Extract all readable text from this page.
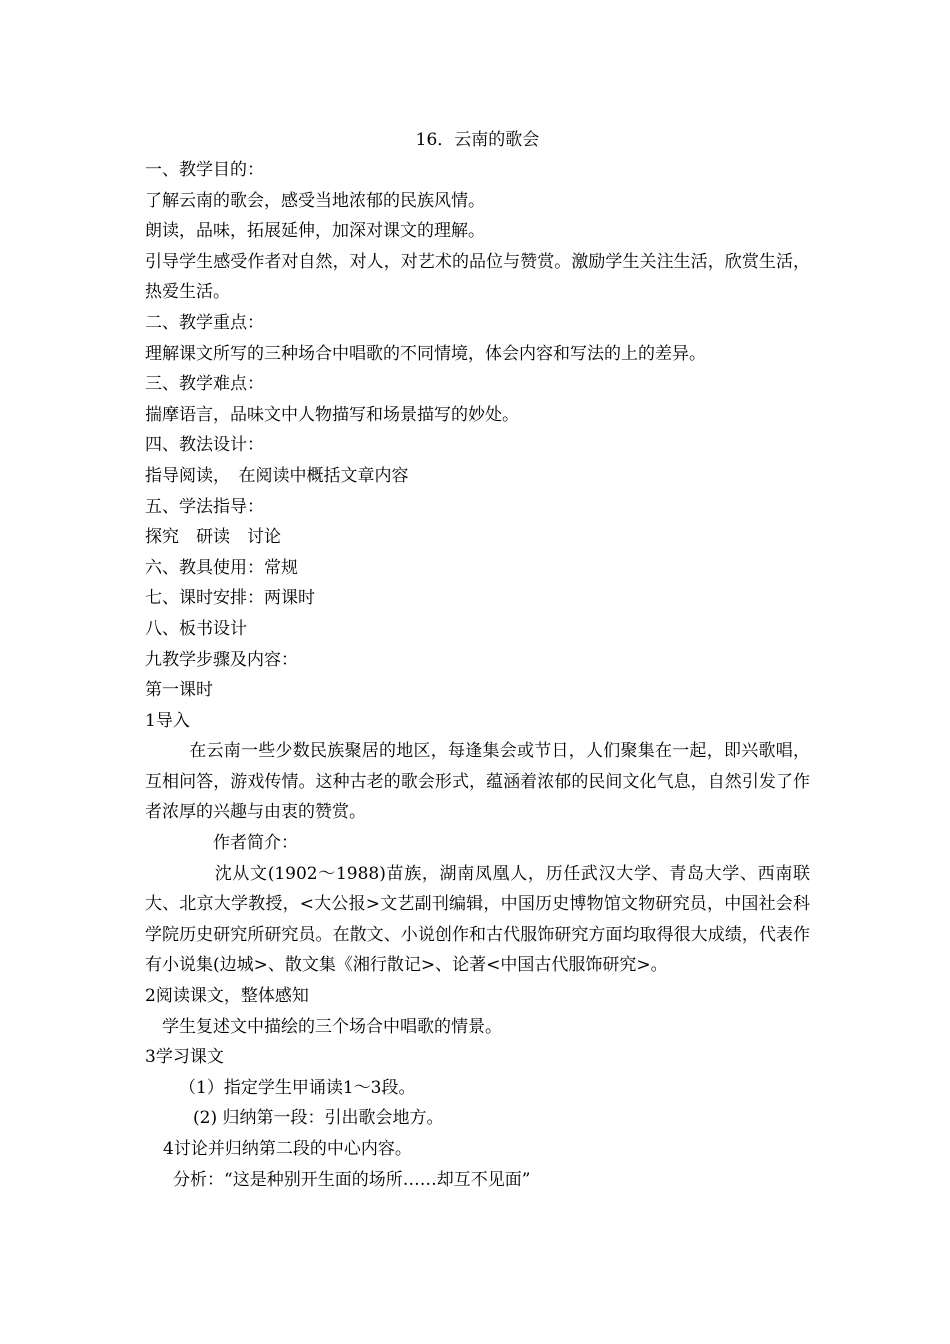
16．云南的歌会

一、教学目的：

了解云南的歌会，感受当地浓郁的民族风情。

朗读，品味，拓展延伸，加深对课文的理解。

引导学生感受作者对自然，对人，对艺术的品位与赞赏。激励学生关注生活，欣赏生活，热爱生活。

二、教学重点：

理解课文所写的三种场合中唱歌的不同情境，体会内容和写法的上的差异。

三、教学难点：

揣摩语言，品味文中人物描写和场景描写的妙处。

四、教法设计：

指导阅读，　在阅读中概括文章内容

五、学法指导：

探究　研读　讨论

六、教具使用：常规

七、课时安排：两课时

八、板书设计

九教学步骤及内容：

第一课时

1导入

在云南一些少数民族聚居的地区，每逢集会或节日，人们聚集在一起，即兴歌唱，互相问答，游戏传情。这种古老的歌会形式，蕴涵着浓郁的民间文化气息，自然引发了作者浓厚的兴趣与由衷的赞赏。

作者简介：

沈从文(1902～1988)苗族，湖南凤凰人，历任武汉大学、青岛大学、西南联大、北京大学教授，<大公报>文艺副刊编辑，中国历史博物馆文物研究员，中国社会科学院历史研究所研究员。在散文、小说创作和古代服饰研究方面均取得很大成绩，代表作有小说集(边城>、散文集《湘行散记>、论著<中国古代服饰研究>。

2阅读课文，整体感知

学生复述文中描绘的三个场合中唱歌的情景。

3学习课文

（1）指定学生甲诵读1～3段。

(2) 归纳第一段：引出歌会地方。

4讨论并归纳第二段的中心内容。

分析：“这是种别开生面的场所……却互不见面”
